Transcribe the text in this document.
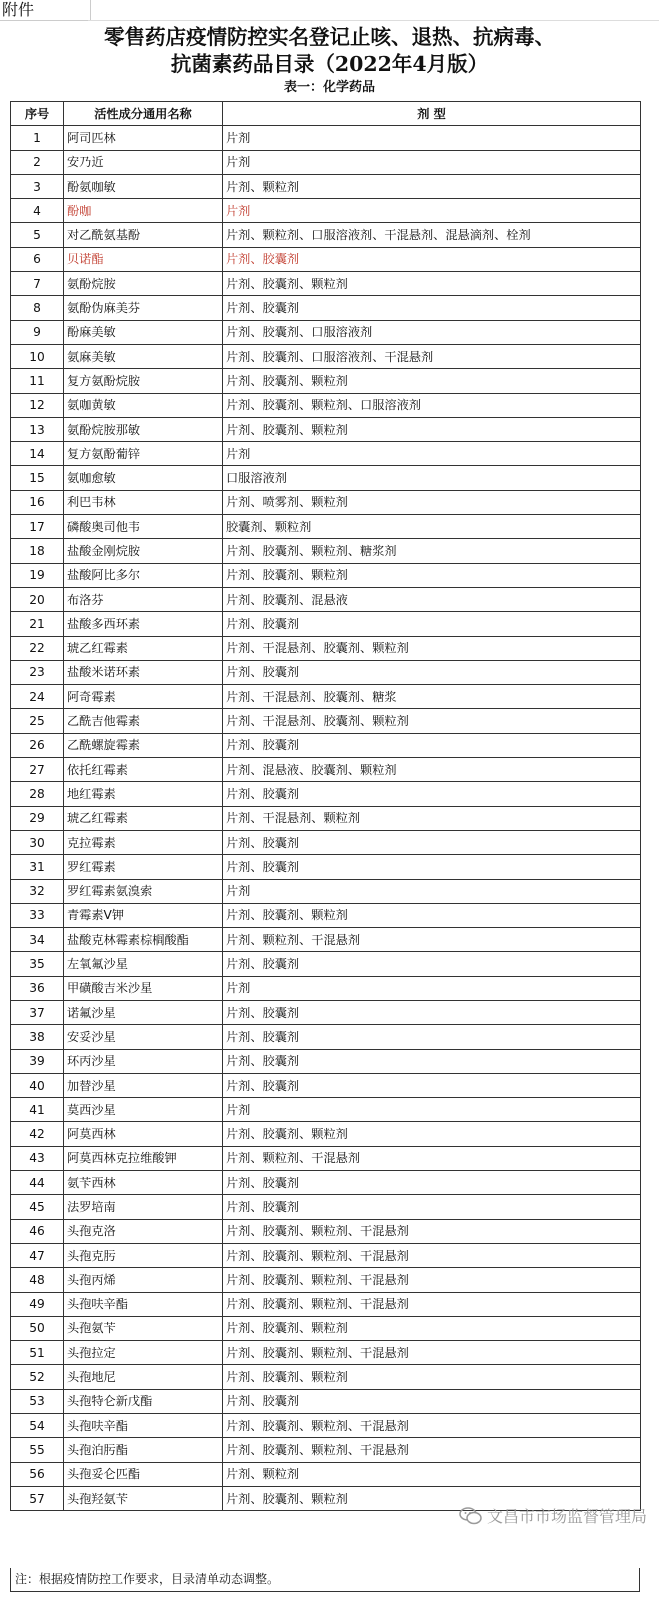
附件
零售药店疫情防控实名登记止咳、退热、抗病毒、
抗菌素药品目录（2022年4月版）
表一：化学药品
序号	活性成分通用名称	剂 型
1	阿司匹林	片剂
2	安乃近	片剂
3	酚氨咖敏	片剂、颗粒剂
4	酚咖	片剂
5	对乙酰氨基酚	片剂、颗粒剂、口服溶液剂、干混悬剂、混悬滴剂、栓剂
6	贝诺酯	片剂、胶囊剂
7	氨酚烷胺	片剂、胶囊剂、颗粒剂
8	氨酚伪麻美芬	片剂、胶囊剂
9	酚麻美敏	片剂、胶囊剂、口服溶液剂
10	氨麻美敏	片剂、胶囊剂、口服溶液剂、干混悬剂
11	复方氨酚烷胺	片剂、胶囊剂、颗粒剂
12	氨咖黄敏	片剂、胶囊剂、颗粒剂、口服溶液剂
13	氨酚烷胺那敏	片剂、胶囊剂、颗粒剂
14	复方氨酚葡锌	片剂
15	氨咖愈敏	口服溶液剂
16	利巴韦林	片剂、喷雾剂、颗粒剂
17	磷酸奥司他韦	胶囊剂、颗粒剂
18	盐酸金刚烷胺	片剂、胶囊剂、颗粒剂、糖浆剂
19	盐酸阿比多尔	片剂、胶囊剂、颗粒剂
20	布洛芬	片剂、胶囊剂、混悬液
21	盐酸多西环素	片剂、胶囊剂
22	琥乙红霉素	片剂、干混悬剂、胶囊剂、颗粒剂
23	盐酸米诺环素	片剂、胶囊剂
24	阿奇霉素	片剂、干混悬剂、胶囊剂、糖浆
25	乙酰吉他霉素	片剂、干混悬剂、胶囊剂、颗粒剂
26	乙酰螺旋霉素	片剂、胶囊剂
27	依托红霉素	片剂、混悬液、胶囊剂、颗粒剂
28	地红霉素	片剂、胶囊剂
29	琥乙红霉素	片剂、干混悬剂、颗粒剂
30	克拉霉素	片剂、胶囊剂
31	罗红霉素	片剂、胶囊剂
32	罗红霉素氨溴索	片剂
33	青霉素V钾	片剂、胶囊剂、颗粒剂
34	盐酸克林霉素棕榈酸酯	片剂、颗粒剂、干混悬剂
35	左氧氟沙星	片剂、胶囊剂
36	甲磺酸吉米沙星	片剂
37	诺氟沙星	片剂、胶囊剂
38	安妥沙星	片剂、胶囊剂
39	环丙沙星	片剂、胶囊剂
40	加替沙星	片剂、胶囊剂
41	莫西沙星	片剂
42	阿莫西林	片剂、胶囊剂、颗粒剂
43	阿莫西林克拉维酸钾	片剂、颗粒剂、干混悬剂
44	氨苄西林	片剂、胶囊剂
45	法罗培南	片剂、胶囊剂
46	头孢克洛	片剂、胶囊剂、颗粒剂、干混悬剂
47	头孢克肟	片剂、胶囊剂、颗粒剂、干混悬剂
48	头孢丙烯	片剂、胶囊剂、颗粒剂、干混悬剂
49	头孢呋辛酯	片剂、胶囊剂、颗粒剂、干混悬剂
50	头孢氨苄	片剂、胶囊剂、颗粒剂
51	头孢拉定	片剂、胶囊剂、颗粒剂、干混悬剂
52	头孢地尼	片剂、胶囊剂、颗粒剂
53	头孢特仑新戊酯	片剂、胶囊剂
54	头孢呋辛酯	片剂、胶囊剂、颗粒剂、干混悬剂
55	头孢泊肟酯	片剂、胶囊剂、颗粒剂、干混悬剂
56	头孢妥仑匹酯	片剂、颗粒剂
57	头孢羟氨苄	片剂、胶囊剂、颗粒剂
注：根据疫情防控工作要求，目录清单动态调整。
文昌市市场监督管理局
